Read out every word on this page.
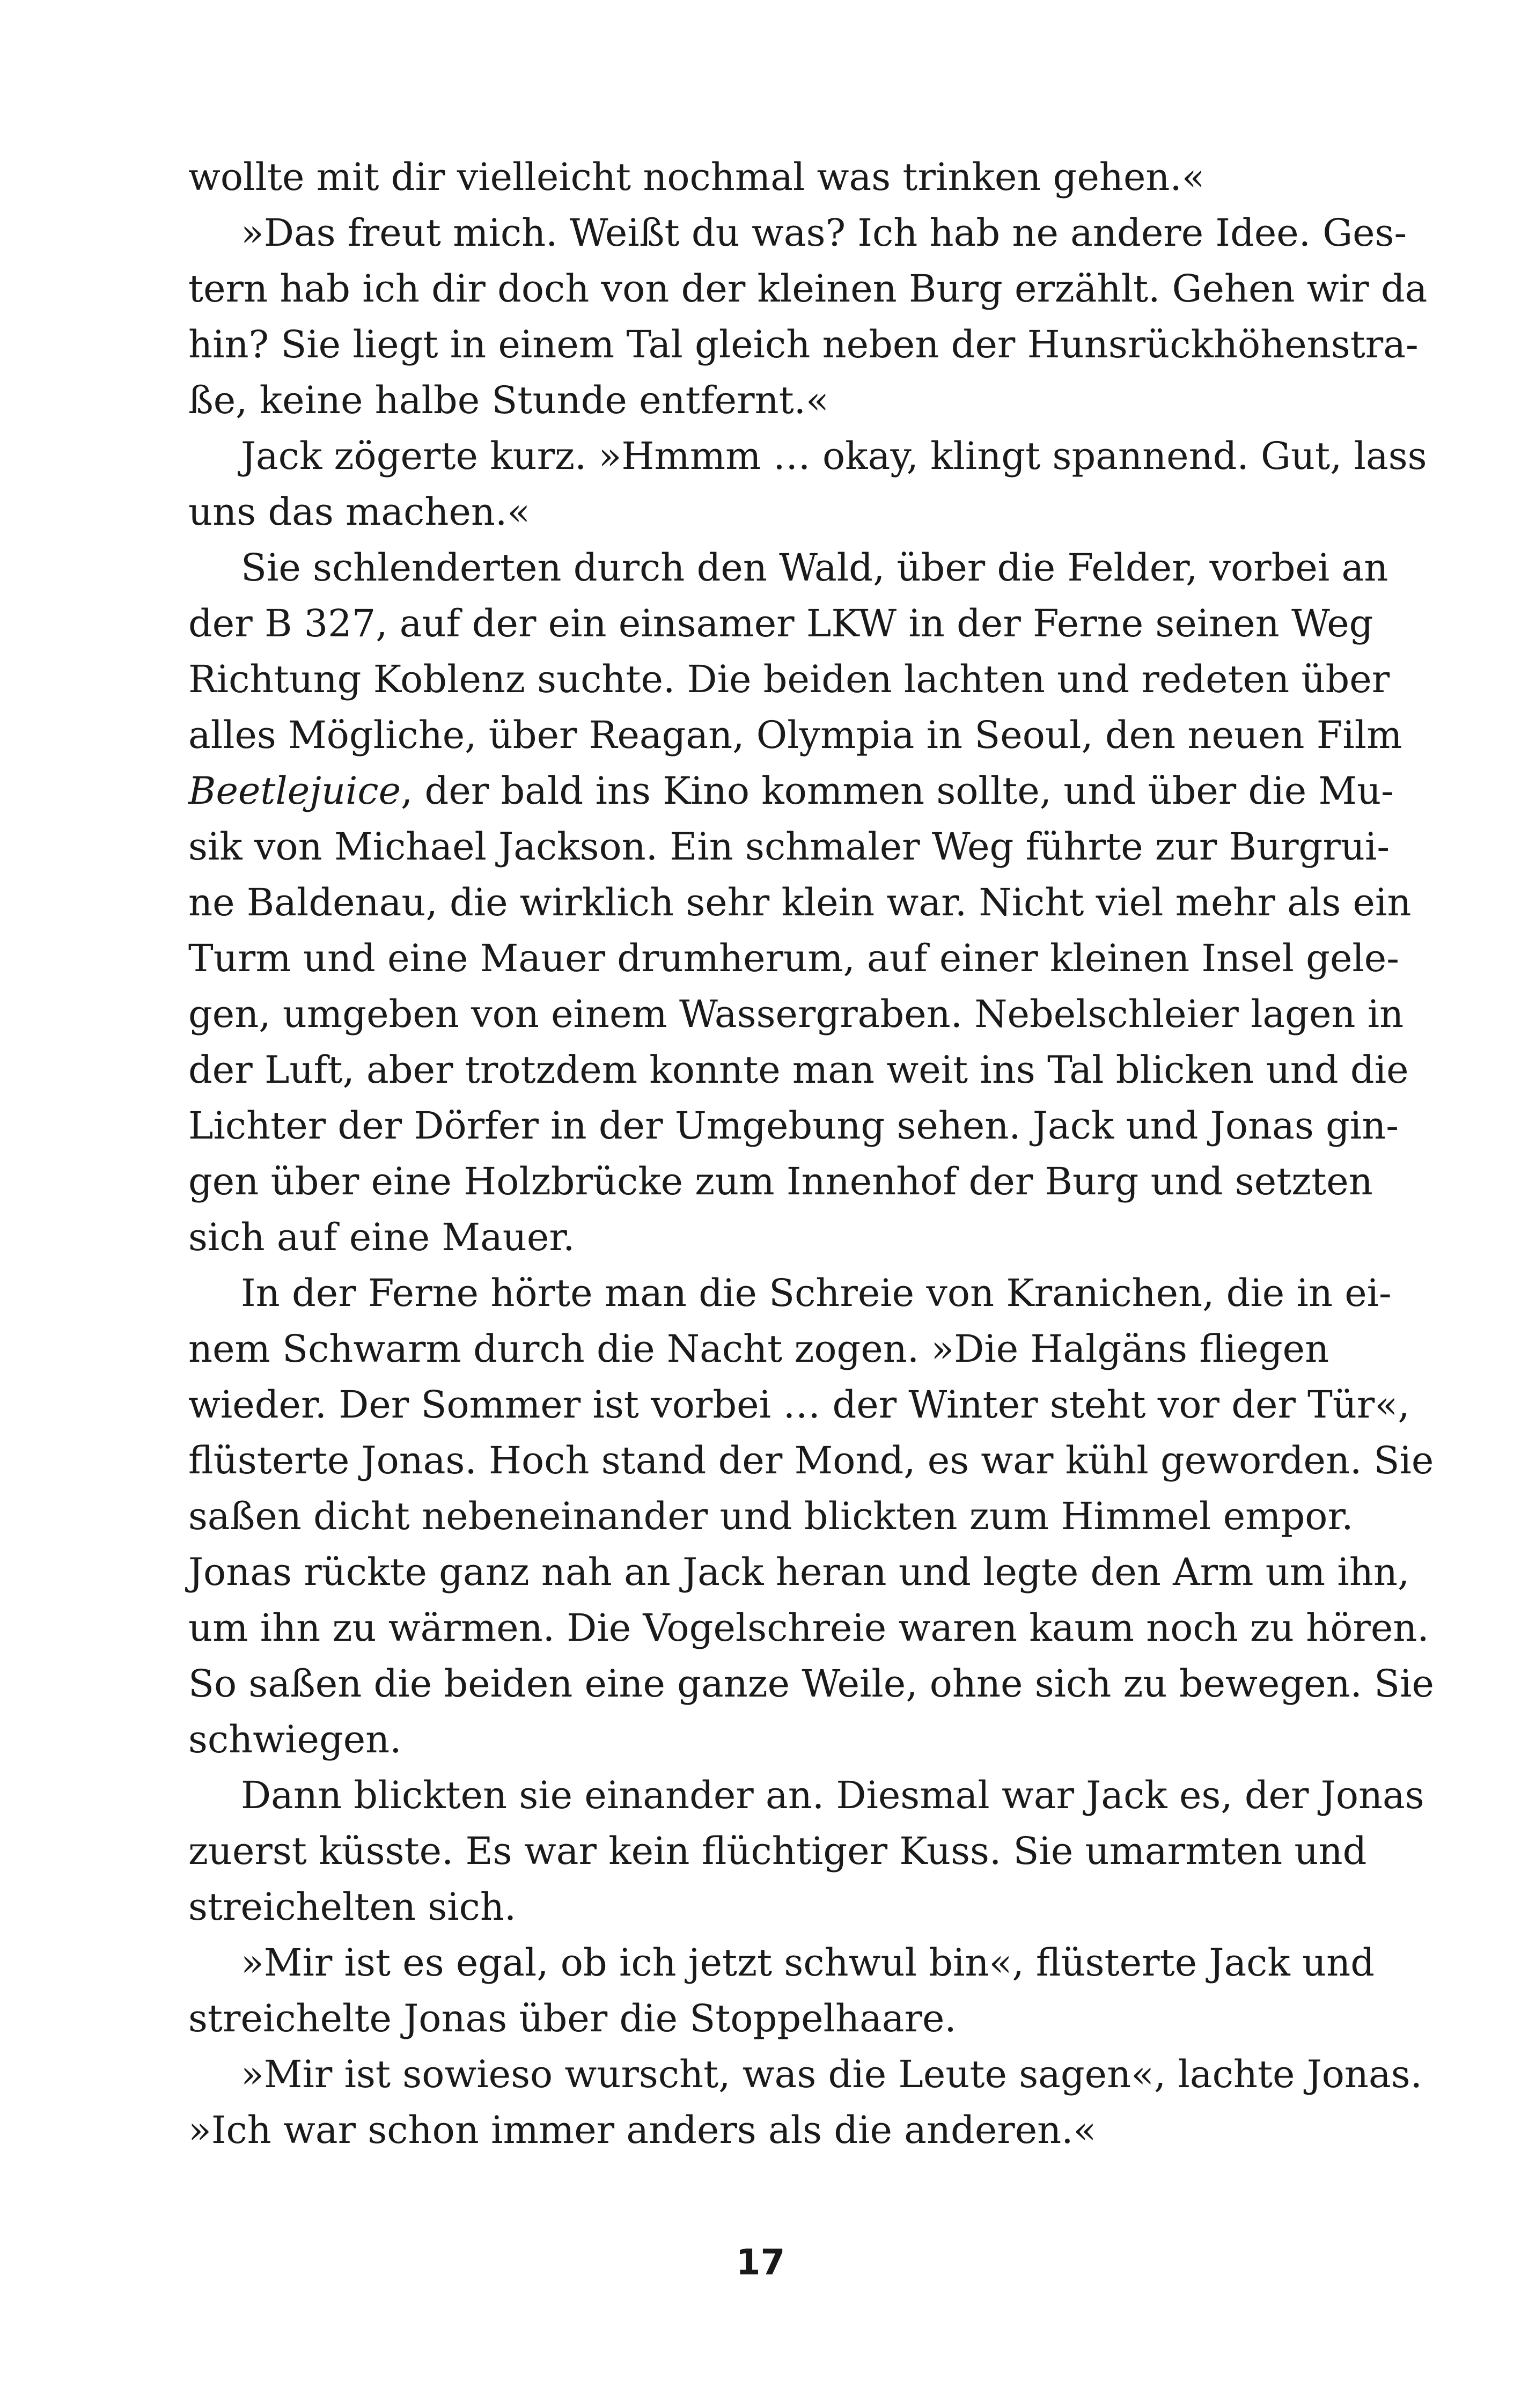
wollte mit dir vielleicht nochmal was trinken gehen.«
»Das freut mich. Weißt du was? Ich hab ne andere Idee. Ges-
tern hab ich dir doch von der kleinen Burg erzählt. Gehen wir da
hin? Sie liegt in einem Tal gleich neben der Hunsrückhöhenstra-
ße, keine halbe Stunde entfernt.«
Jack zögerte kurz. »Hmmm … okay, klingt spannend. Gut, lass
uns das machen.«
Sie schlenderten durch den Wald, über die Felder, vorbei an
der B 327, auf der ein einsamer LKW in der Ferne seinen Weg
Richtung Koblenz suchte. Die beiden lachten und redeten über
alles Mögliche, über Reagan, Olympia in Seoul, den neuen Film
Beetlejuice, der bald ins Kino kommen sollte, und über die Mu-
sik von Michael Jackson. Ein schmaler Weg führte zur Burgrui-
ne Baldenau, die wirklich sehr klein war. Nicht viel mehr als ein
Turm und eine Mauer drumherum, auf einer kleinen Insel gele-
gen, umgeben von einem Wassergraben. Nebelschleier lagen in
der Luft, aber trotzdem konnte man weit ins Tal blicken und die
Lichter der Dörfer in der Umgebung sehen. Jack und Jonas gin-
gen über eine Holzbrücke zum Innenhof der Burg und setzten
sich auf eine Mauer.
In der Ferne hörte man die Schreie von Kranichen, die in ei-
nem Schwarm durch die Nacht zogen. »Die Halgäns fliegen
wieder. Der Sommer ist vorbei … der Winter steht vor der Tür«,
flüsterte Jonas. Hoch stand der Mond, es war kühl geworden. Sie
saßen dicht nebeneinander und blickten zum Himmel empor.
Jonas rückte ganz nah an Jack heran und legte den Arm um ihn,
um ihn zu wärmen. Die Vogelschreie waren kaum noch zu hören.
So saßen die beiden eine ganze Weile, ohne sich zu bewegen. Sie
schwiegen.
Dann blickten sie einander an. Diesmal war Jack es, der Jonas
zuerst küsste. Es war kein flüchtiger Kuss. Sie umarmten und
streichelten sich.
»Mir ist es egal, ob ich jetzt schwul bin«, flüsterte Jack und
streichelte Jonas über die Stoppelhaare.
»Mir ist sowieso wurscht, was die Leute sagen«, lachte Jonas.
»Ich war schon immer anders als die anderen.«
17
